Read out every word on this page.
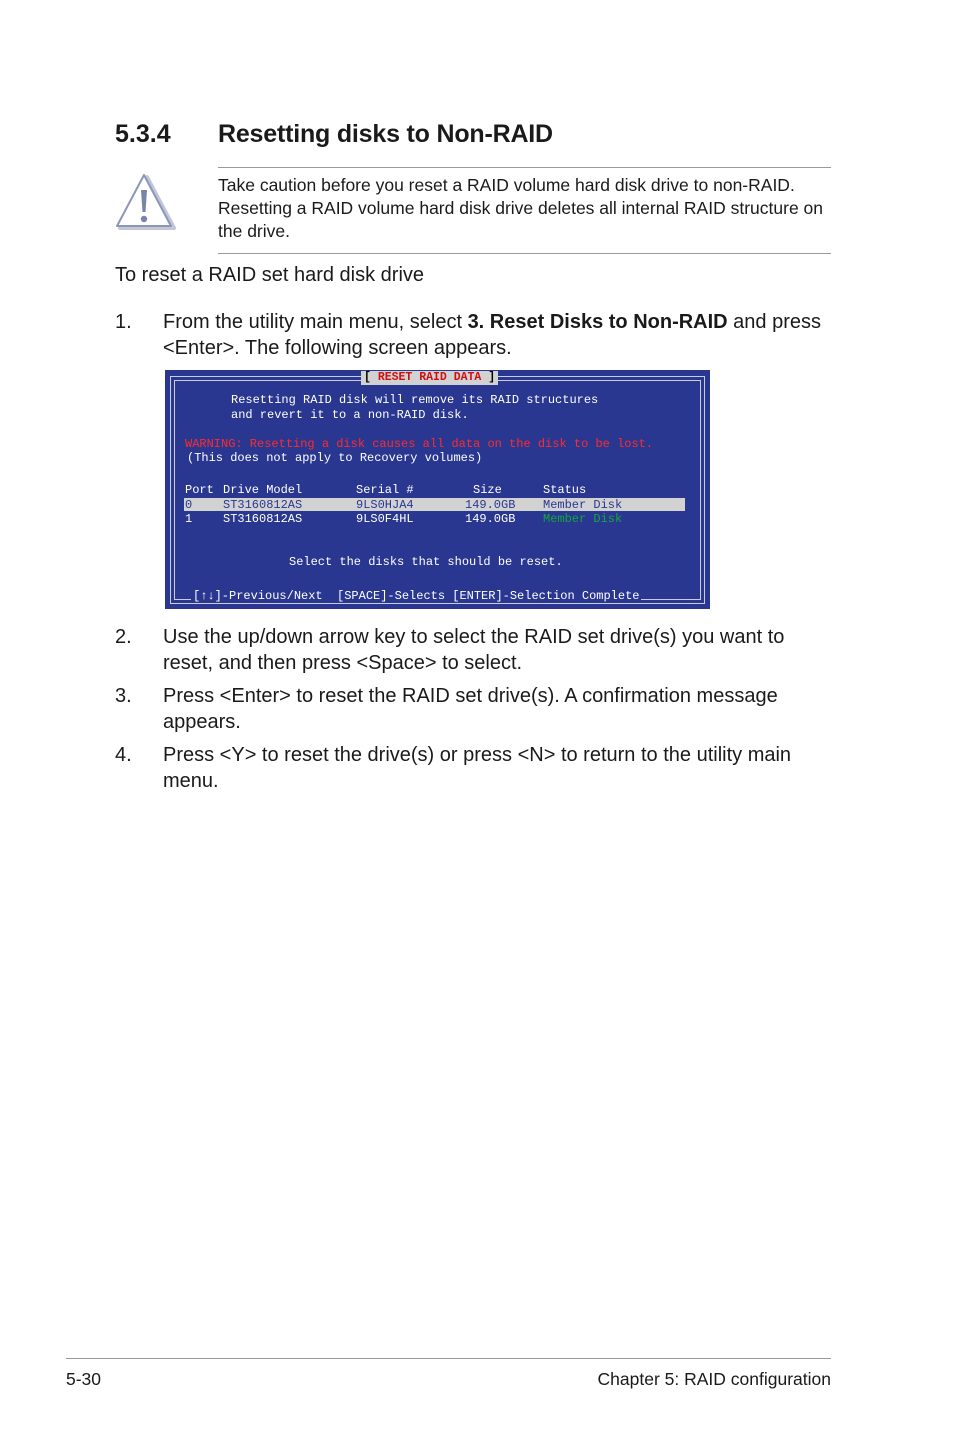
5.3.4 Resetting disks to Non-RAID
Take caution before you reset a RAID volume hard disk drive to non-RAID. Resetting a RAID volume hard disk drive deletes all internal RAID structure on the drive.
To reset a RAID set hard disk drive
1. From the utility main menu, select 3. Reset Disks to Non-RAID and press <Enter>. The following screen appears.
[ RESET RAID DATA ]
Resetting RAID disk will remove its RAID structures
and revert it to a non-RAID disk.
WARNING: Resetting a disk causes all data on the disk to be lost.
(This does not apply to Recovery volumes)
Port Drive Model	Serial #	Size	Status
0	ST3160812AS	9LS0HJA4	149.0GB Member Disk
1	ST3160812AS	9LS0F4HL	149.0GB Member Disk
Select the disks that should be reset.
[↑↓]-Previous/Next  [SPACE]-Selects [ENTER]-Selection Complete
2. Use the up/down arrow key to select the RAID set drive(s) you want to reset, and then press <Space> to select.
3. Press <Enter> to reset the RAID set drive(s). A confirmation message appears.
4. Press <Y> to reset the drive(s) or press <N> to return to the utility main menu.
5-30	Chapter 5: RAID configuration
